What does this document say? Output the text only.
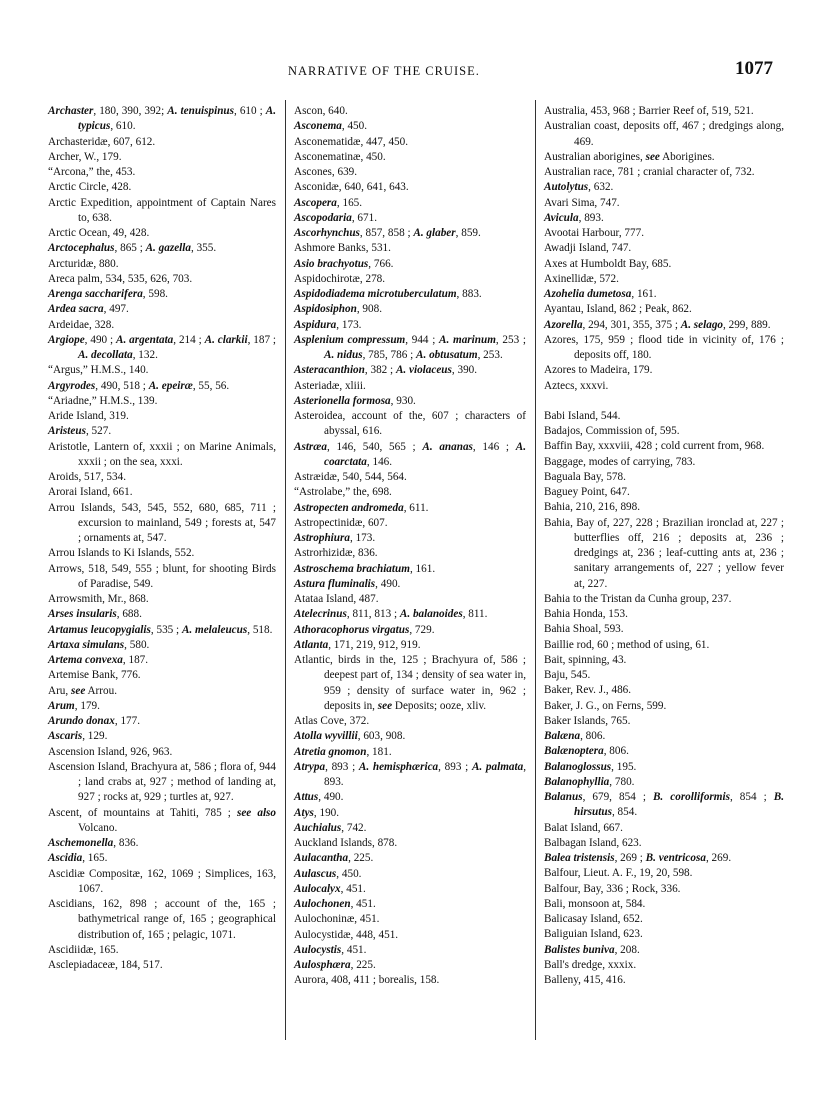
NARRATIVE OF THE CRUISE.	1077
Archaster, 180, 390, 392; A. tenuispinus, 610 ; A. typicus, 610.
Archasteridæ, 607, 612.
Archer, W., 179.
“Arcona,” the, 453.
Arctic Circle, 428.
Arctic Expedition, appointment of Captain Nares to, 638.
Arctic Ocean, 49, 428.
Arctocephalus, 865 ; A. gazella, 355.
Arcturidæ, 880.
Areca palm, 534, 535, 626, 703.
Arenga saccharifera, 598.
Ardea sacra, 497.
Ardeidae, 328.
Argiope, 490 ; A. argentata, 214 ; A. clarkii, 187 ; A. decollata, 132.
“Argus,” H.M.S., 140.
Argyrodes, 490, 518 ; A. epeiræ, 55, 56.
“Ariadne,” H.M.S., 139.
Aride Island, 319.
Aristeus, 527.
Aristotle, Lantern of, xxxii ; on Marine Animals, xxxii ; on the sea, xxxi.
Aroids, 517, 534.
Arorai Island, 661.
Arrou Islands, 543, 545, 552, 680, 685, 711 ; excursion to mainland, 549 ; forests at, 547 ; ornaments at, 547.
Arrou Islands to Ki Islands, 552.
Arrows, 518, 549, 555 ; blunt, for shooting Birds of Paradise, 549.
Arrowsmith, Mr., 868.
Arses insularis, 688.
Artamus leucopygialis, 535 ; A. melaleucus, 518.
Artaxa simulans, 580.
Artema convexa, 187.
Artemise Bank, 776.
Aru, see Arrou.
Arum, 179.
Arundo donax, 177.
Ascaris, 129.
Ascension Island, 926, 963.
Ascension Island, Brachyura at, 586 ; flora of, 944 ; land crabs at, 927 ; method of landing at, 927 ; rocks at, 929 ; turtles at, 927.
Ascent, of mountains at Tahiti, 785 ; see also Volcano.
Aschemonella, 836.
Ascidia, 165.
Ascidiæ Compositæ, 162, 1069 ; Simplices, 163, 1067.
Ascidians, 162, 898 ; account of the, 165 ; bathymetrical range of, 165 ; geographical distribution of, 165 ; pelagic, 1071.
Ascidiidæ, 165.
Asclepiadaceæ, 184, 517.
Ascon, 640.
Asconema, 450.
Asconematidæ, 447, 450.
Asconematinæ, 450.
Ascones, 639.
Asconidæ, 640, 641, 643.
Ascopera, 165.
Ascopodaria, 671.
Ascorhynchus, 857, 858 ; A. glaber, 859.
Ashmore Banks, 531.
Asio brachyotus, 766.
Aspidochirotæ, 278.
Aspidodiadema microtuberculatum, 883.
Aspidosiphon, 908.
Aspidura, 173.
Asplenium compressum, 944 ; A. marinum, 253 ; A. nidus, 785, 786 ; A. obtusatum, 253.
Asteracanthion, 382 ; A. violaceus, 390.
Asteriadæ, xliii.
Asterionella formosa, 930.
Asteroidea, account of the, 607 ; characters of abyssal, 616.
Astræa, 146, 540, 565 ; A. ananas, 146 ; A. coarctata, 146.
Astræidæ, 540, 544, 564.
“Astrolabe,” the, 698.
Astropecten andromeda, 611.
Astropectinidæ, 607.
Astrophiura, 173.
Astrorhizidæ, 836.
Astroschema brachiatum, 161.
Astura fluminalis, 490.
Atataa Island, 487.
Atelecrinus, 811, 813 ; A. balanoides, 811.
Athoracophorus virgatus, 729.
Atlanta, 171, 219, 912, 919.
Atlantic, birds in the, 125 ; Brachyura of, 586 ; deepest part of, 134 ; density of sea water in, 959 ; density of surface water in, 962 ; deposits in, see Deposits; ooze, xliv.
Atlas Cove, 372.
Atolla wyvillii, 603, 908.
Atretia gnomon, 181.
Atrypa, 893 ; A. hemisphærica, 893 ; A. palmata, 893.
Attus, 490.
Atys, 190.
Auchialus, 742.
Auckland Islands, 878.
Aulacantha, 225.
Aulascus, 450.
Aulocalyx, 451.
Aulochonen, 451.
Aulochoninæ, 451.
Aulocystidæ, 448, 451.
Aulocystis, 451.
Aulosphæra, 225.
Aurora, 408, 411 ; borealis, 158.
Australia, 453, 968 ; Barrier Reef of, 519, 521.
Australian coast, deposits off, 467 ; dredgings along, 469.
Australian aborigines, see Aborigines.
Australian race, 781 ; cranial character of, 732.
Autolytus, 632.
Avari Sima, 747.
Avicula, 893.
Avootai Harbour, 777.
Awadji Island, 747.
Axes at Humboldt Bay, 685.
Axinellidæ, 572.
Azohelia dumetosa, 161.
Ayantau, Island, 862 ; Peak, 862.
Azorella, 294, 301, 355, 375 ; A. selago, 299, 889.
Azores, 175, 959 ; flood tide in vicinity of, 176 ; deposits off, 180.
Azores to Madeira, 179.
Aztecs, xxxvi.
Babi Island, 544.
Badajos, Commission of, 595.
Baffin Bay, xxxviii, 428 ; cold current from, 968.
Baggage, modes of carrying, 783.
Baguala Bay, 578.
Baguey Point, 647.
Bahia, 210, 216, 898.
Bahia, Bay of, 227, 228 ; Brazilian ironclad at, 227 ; butterflies off, 216 ; deposits at, 236 ; dredgings at, 236 ; leaf-cutting ants at, 236 ; sanitary arrangements of, 227 ; yellow fever at, 227.
Bahia to the Tristan da Cunha group, 237.
Bahia Honda, 153.
Bahia Shoal, 593.
Baillie rod, 60 ; method of using, 61.
Bait, spinning, 43.
Baju, 545.
Baker, Rev. J., 486.
Baker, J. G., on Ferns, 599.
Baker Islands, 765.
Balæna, 806.
Balænoptera, 806.
Balanoglossus, 195.
Balanophyllia, 780.
Balanus, 679, 854 ; B. corolliformis, 854 ; B. hirsutus, 854.
Balat Island, 667.
Balbagan Island, 623.
Balea tristensis, 269 ; B. ventricosa, 269.
Balfour, Lieut. A. F., 19, 20, 598.
Balfour, Bay, 336 ; Rock, 336.
Bali, monsoon at, 584.
Balicasay Island, 652.
Baliguian Island, 623.
Balistes buniva, 208.
Ball's dredge, xxxix.
Balleny, 415, 416.
